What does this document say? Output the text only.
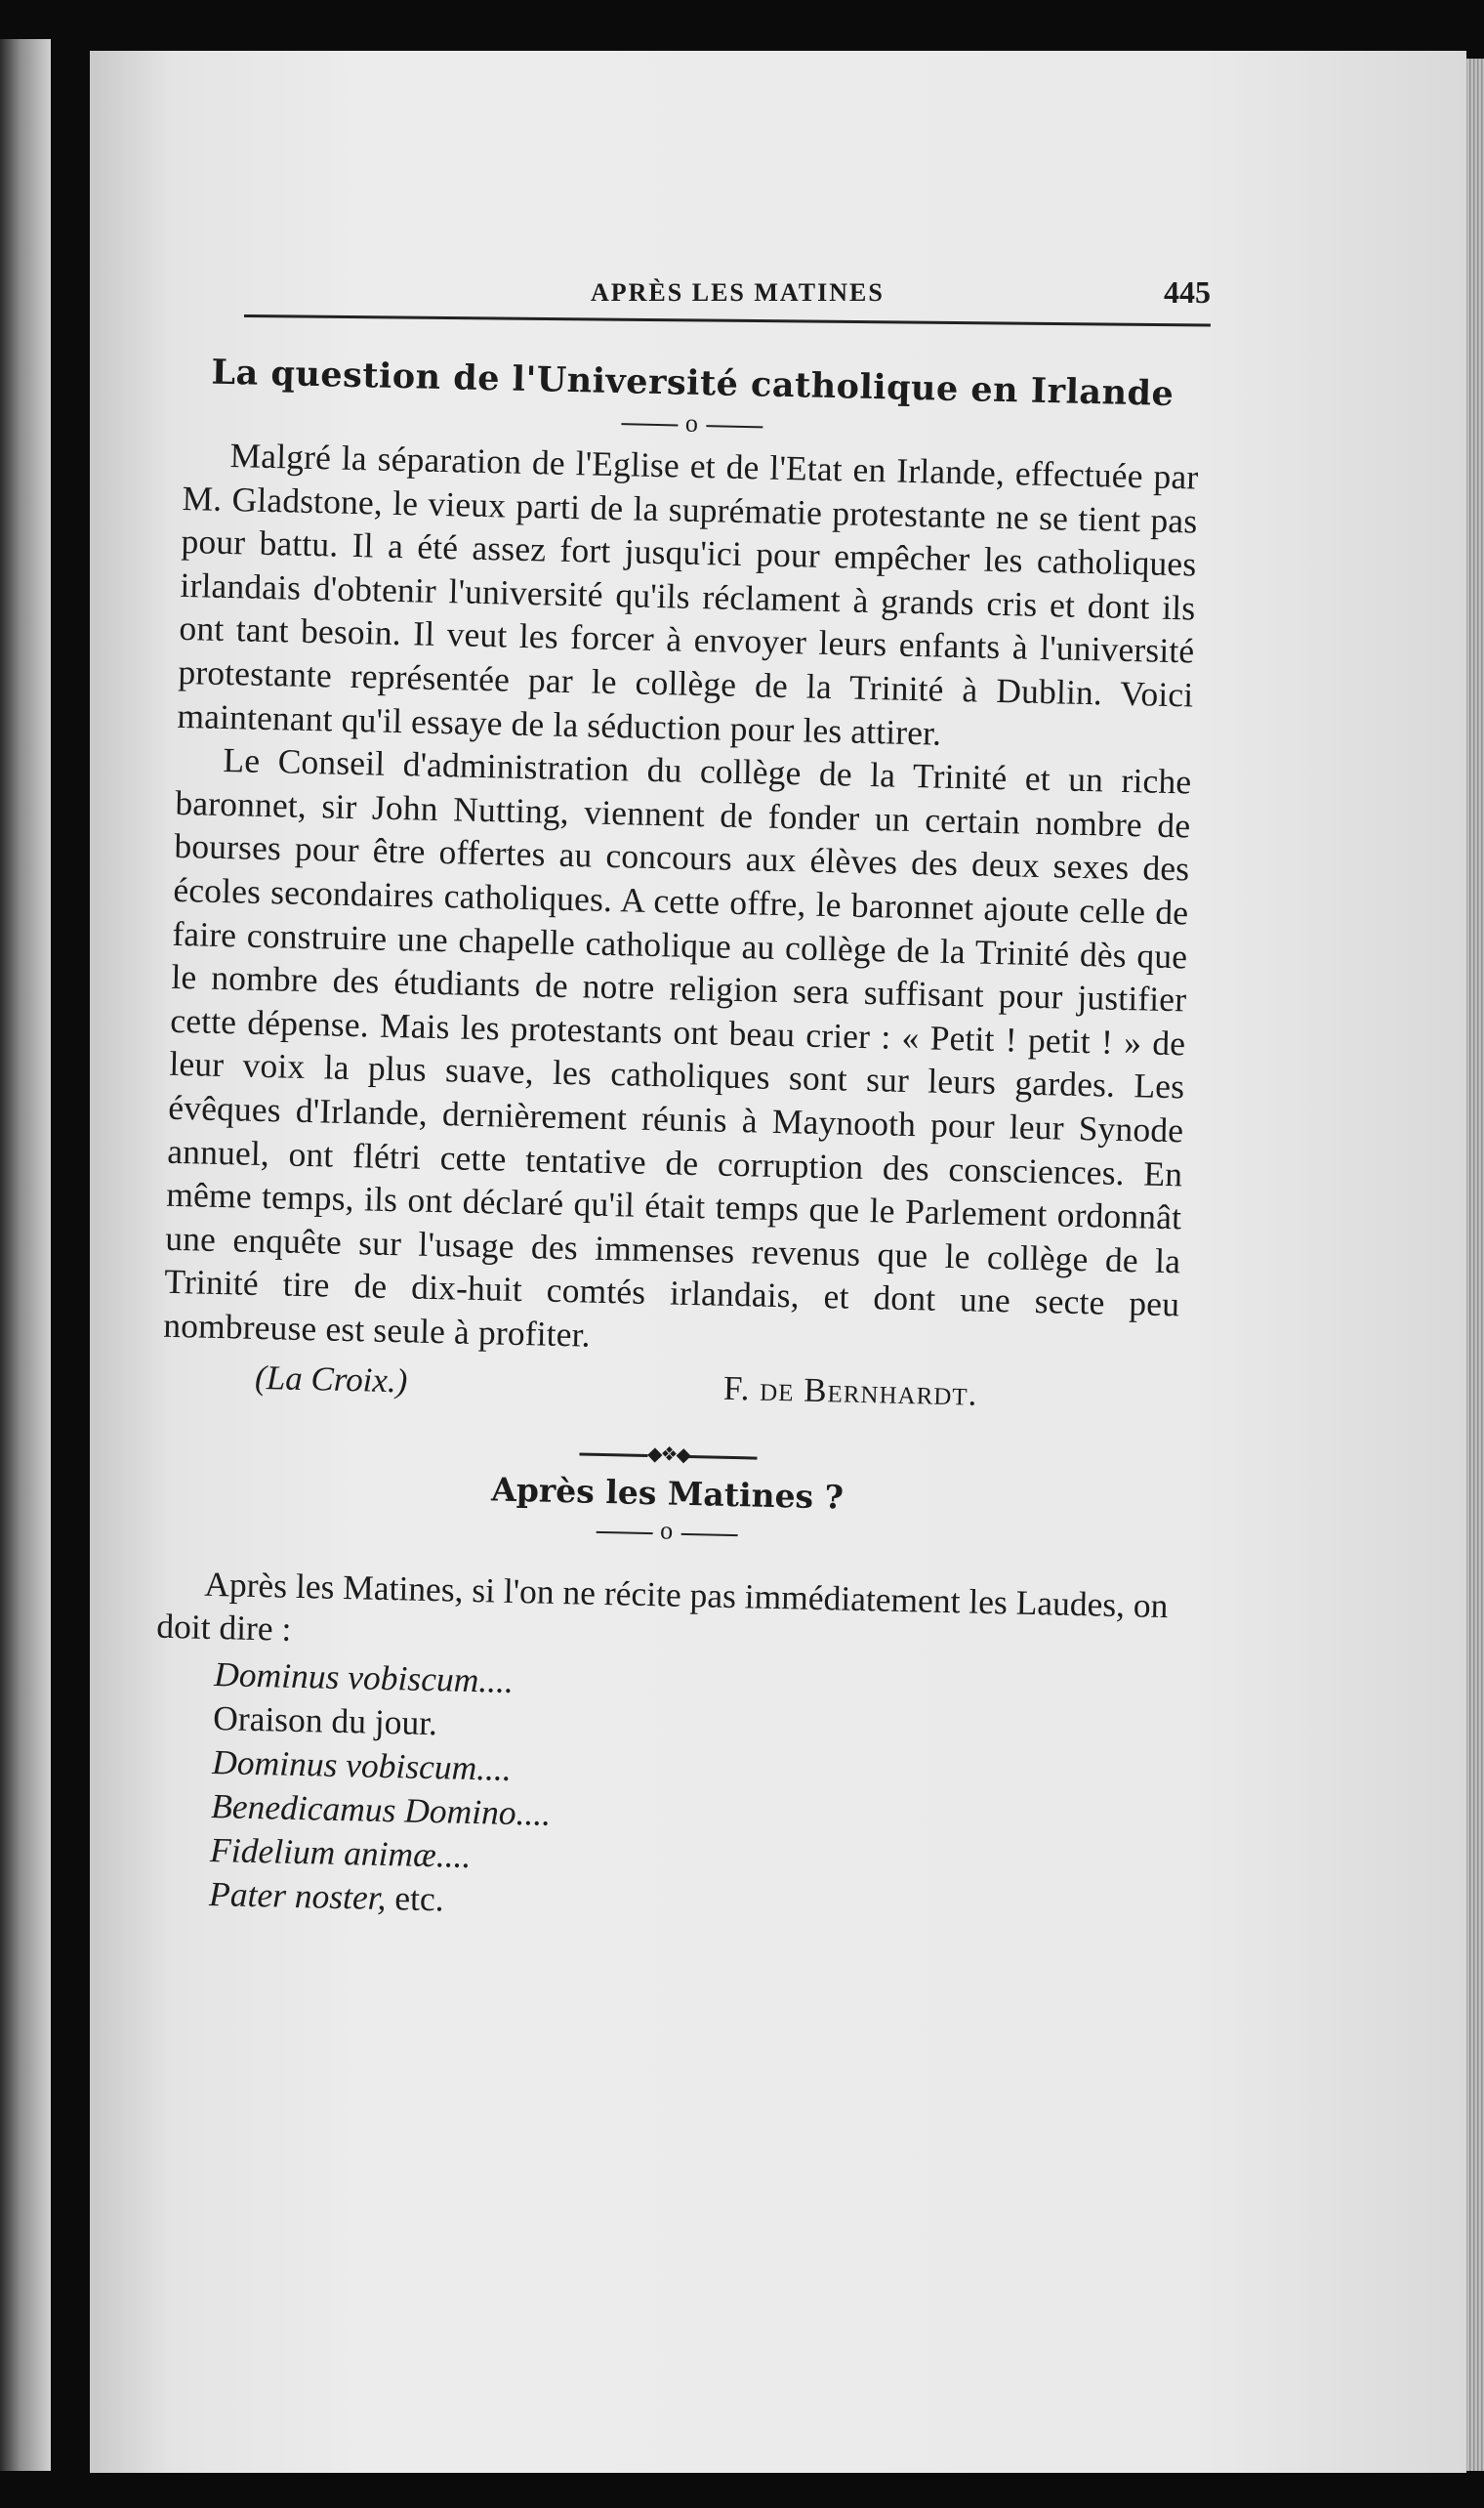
APRÈS LES MATINES	445
La question de l'Université catholique en Irlande
o

Malgré la séparation de l'Eglise et de l'Etat en Irlande, effectuée par M. Gladstone, le vieux parti de la suprématie protestante ne se tient pas pour battu. Il a été assez fort jusqu'ici pour empêcher les catholiques irlandais d'obtenir l'université qu'ils réclament à grands cris et dont ils ont tant besoin. Il veut les forcer à envoyer leurs enfants à l'université protestante représentée par le collège de la Trinité à Dublin. Voici maintenant qu'il essaye de la séduction pour les attirer.

Le Conseil d'administration du collège de la Trinité et un riche baronnet, sir John Nutting, viennent de fonder un certain nombre de bourses pour être offertes au concours aux élèves des deux sexes des écoles secondaires catholiques. A cette offre, le baronnet ajoute celle de faire construire une chapelle catholique au collège de la Trinité dès que le nombre des étudiants de notre religion sera suffisant pour justifier cette dépense. Mais les protestants ont beau crier : « Petit ! petit ! » de leur voix la plus suave, les catholiques sont sur leurs gardes. Les évêques d'Irlande, dernièrement réunis à Maynooth pour leur Synode annuel, ont flétri cette tentative de corruption des consciences. En même temps, ils ont déclaré qu'il était temps que le Parlement ordonnât une enquête sur l'usage des immenses revenus que le collège de la Trinité tire de dix-huit comtés irlandais, et dont une secte peu nombreuse est seule à profiter.

(La Croix.)	F. de Bernhardt.
◆❖◆
Après les Matines ?
o

Après les Matines, si l'on ne récite pas immédiatement les Laudes, on doit dire :

Dominus vobiscum....
Oraison du jour.
Dominus vobiscum....
Benedicamus Domino....
Fidelium animæ....
Pater noster, etc.
